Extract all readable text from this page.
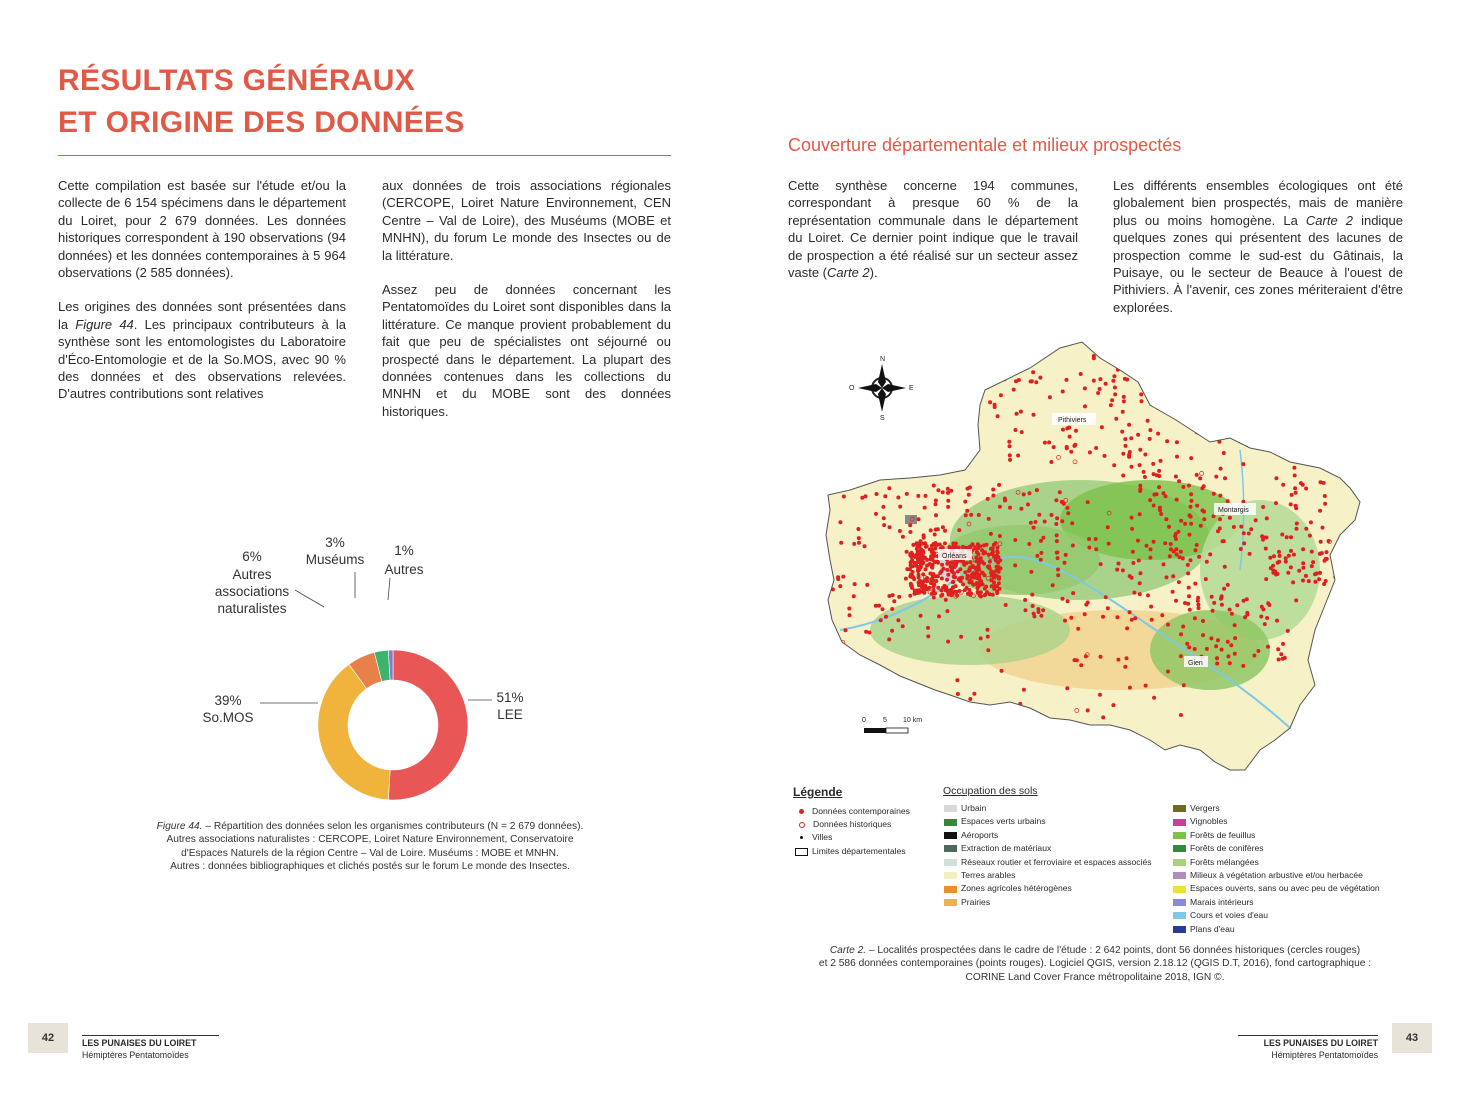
RÉSULTATS GÉNÉRAUX
ET ORIGINE DES DONNÉES

Cette compilation est basée sur l'étude et/ou la collecte de 6 154 spécimens dans le département du Loiret, pour 2 679 données. Les données historiques correspondent à 190 observations (94 données) et les données contemporaines à 5 964 observations (2 585 données).

Les origines des données sont présentées dans la Figure 44. Les principaux contributeurs à la synthèse sont les entomologistes du Laboratoire d'Éco-Entomologie et de la So.MOS, avec 90 % des données et des observations relevées. D'autres contributions sont relatives

aux données de trois associations régionales (CERCOPE, Loiret Nature Environnement, CEN Centre – Val de Loire), des Muséums (MOBE et MNHN), du forum Le monde des Insectes ou de la littérature.

Assez peu de données concernant les Pentatomoïdes du Loiret sont disponibles dans la littérature. Ce manque provient probablement du fait que peu de spécialistes ont séjourné ou prospecté dans le département. La plupart des données contenues dans les collections du MNHN et du MOBE sont des données historiques.

51%
LEE
39%
So.MOS
6%
Autres
associations
naturalistes
3%
Muséums
1%
Autres
Figure 44. – Répartition des données selon les organismes contributeurs (N = 2 679 données).
Autres associations naturalistes : CERCOPE, Loiret Nature Environnement, Conservatoire
d'Espaces Naturels de la région Centre – Val de Loire. Muséums : MOBE et MNHN.
Autres : données bibliographiques et clichés postés sur le forum Le monde des Insectes.
42	LES PUNAISES DU LOIRET
Hémiptères Pentatomoïdes
Couverture départementale et milieux prospectés

Cette synthèse concerne 194 communes, correspondant à presque 60 % de la représentation communale dans le département du Loiret. Ce dernier point indique que le travail de prospection a été réalisé sur un secteur assez vaste (Carte 2).

Les différents ensembles écologiques ont été globalement bien prospectés, mais de manière plus ou moins homogène. La Carte 2 indique quelques zones qui présentent des lacunes de prospection comme le sud-est du Gâtinais, la Puisaye, ou le secteur de Beauce à l'ouest de Pithiviers. À l'avenir, ces zones mériteraient d'être explorées.

Pithiviers
Montargis
Orléans
Gien
N
S
E
O
0 5 10 km
Légende
Données contemporaines
Données historiques
Villes
Limites départementales
Occupation des sols
Urbain
Espaces verts urbains
Aéroports
Extraction de matériaux
Réseaux routier et ferroviaire et espaces associés
Terres arables
Zones agricoles hétérogènes
Prairies
Vergers
Vignobles
Forêts de feuillus
Forêts de conifères
Forêts mélangées
Milieux à végétation arbustive et/ou herbacée
Espaces ouverts, sans ou avec peu de végétation
Marais intérieurs
Cours et voies d'eau
Plans d'eau
Carte 2. – Localités prospectées dans le cadre de l'étude : 2 642 points, dont 56 données historiques (cercles rouges)
et 2 586 données contemporaines (points rouges). Logiciel QGIS, version 2.18.12 (QGIS D.T, 2016), fond cartographique :
CORINE Land Cover France métropolitaine 2018, IGN ©.
LES PUNAISES DU LOIRET
Hémiptères Pentatomoïdes
43
